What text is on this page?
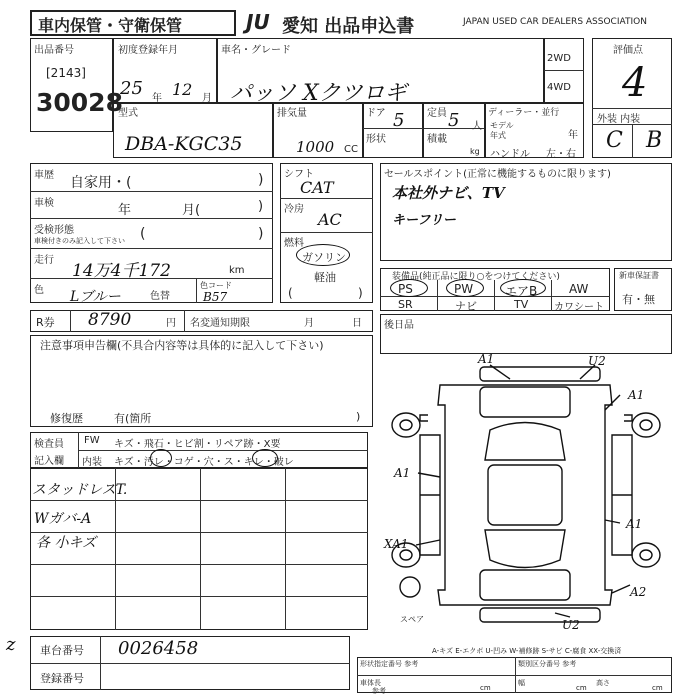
車内保管・守衛保管	JU 愛知 出品申込書	JAPAN USED CAR DEALERS ASSOCIATION
出品番号
[2143]
30028
初度登録年月
25 年 12 月
車名・グレード
パッソ Xクツロギ
2WD
4WD
評価点
4
外装 内装
C B
型式
DBA-KGC35
排気量
1000 CC
ドア 5
形状
定員 5 人
積載
kg
ディーラー・並行
モデル
年式	年
ハンドル 左・右
車歴 自家用・(	)
車検	年	月(	)
受検形態
車検付きのみ記入して下さい (	)
走行
14万4千172	km
色 Lブルー	色替
色コード
B57
シフト
CAT
冷房
AC
燃料
ガソリン
軽油
(	)
セールスポイント(正常に機能するものに限ります)
本社外ナビ、TV
キーフリー
装備品(純正品に限り○をつけてください)
PS	PW	エアB	AW
SR	ナビ	TV	カワシート
新車保証書
有・無
R券 8790	円 名変通知期限	月	日 後日品
注意事項申告欄(不具合内容等は具体的に記入して下さい)
修復歴	有(箇所	)
検査員
記入欄
FW キズ・飛石・ヒビ割・リペア跡・X要
内装 キズ・汚レ・コゲ・穴・ス・キレ・破レ
スタッドレスT.
Wガバ-A
各 小キズ
車台番号 0026458
登録番号
z
A1	U2
A1
A1
A1
XA1
A2
U2
スペア
A-キズ E-エクボ U-凹み W-補修跡 S-サビ C-腐食 XX-交換済
形状指定番号 参考	類別区分番号 参考
車体長
cm
幅
cm
高さ
cm
参考
